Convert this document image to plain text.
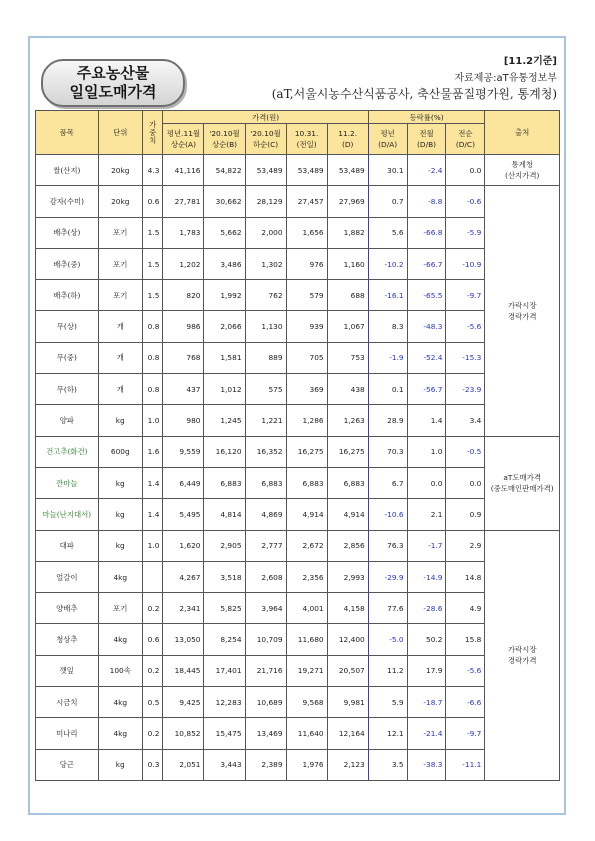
주요농산물
일일도매가격
[11.2기준]
자료제공:aT유통정보부
(aT,서울시농수산식품공사, 축산물품질평가원, 통계청)
품목	단위	가중치	가격(원)					등락률(%)			출처
			평년.11월 상순(A)	'20.10월 상순(B)	'20.10월 하순(C)	10.31. (전일)	11.2. (D)	평년 (D/A)	전월 (D/B)	전순 (D/C)	
쌀(산지)	20kg	4.3	41,116	54,822	53,489	53,489	53,489	30.1	-2.4	0.0	통계청
(산지가격)

감자(수미)	20kg	0.6	27,781	30,662	28,129	27,457	27,969	0.7	-8.8	-0.6	가락시장
경락가격

배추(상)	포기	1.5	1,783	5,662	2,000	1,656	1,882	5.6	-66.8	-5.9	
배추(중)	포기	1.5	1,202	3,486	1,302	976	1,160	-10.2	-66.7	-10.9	
배추(하)	포기	1.5	820	1,992	762	579	688	-16.1	-65.5	-9.7	
무(상)	개	0.8	986	2,066	1,130	939	1,067	8.3	-48.3	-5.6	
무(중)	개	0.8	768	1,581	889	705	753	-1.9	-52.4	-15.3	
무(하)	개	0.8	437	1,012	575	369	438	0.1	-56.7	-23.9	
양파	kg	1.0	980	1,245	1,221	1,286	1,263	28.9	1.4	3.4	
건고추(화건)	600g	1.6	9,559	16,120	16,352	16,275	16,275	70.3	1.0	-0.5	aT도매가격
(중도매인판매가격)

깐마늘	kg	1.4	6,449	6,883	6,883	6,883	6,883	6.7	0.0	0.0	
마늘(난지대서)	kg	1.4	5,495	4,814	4,869	4,914	4,914	-10.6	2.1	0.9	
대파	kg	1.0	1,620	2,905	2,777	2,672	2,856	76.3	-1.7	2.9	가락시장
경락가격

얼갈이	4kg		4,267	3,518	2,608	2,356	2,993	-29.9	-14.9	14.8	
양배추	포기	0.2	2,341	5,825	3,964	4,001	4,158	77.6	-28.6	4.9	
청상추	4kg	0.6	13,050	8,254	10,709	11,680	12,400	-5.0	50.2	15.8	
깻잎	100속	0.2	18,445	17,401	21,716	19,271	20,507	11.2	17.9	-5.6	
시금치	4kg	0.5	9,425	12,283	10,689	9,568	9,981	5.9	-18.7	-6.6	
미나리	4kg	0.2	10,852	15,475	13,469	11,640	12,164	12.1	-21.4	-9.7	
당근	kg	0.3	2,051	3,443	2,389	1,976	2,123	3.5	-38.3	-11.1	
